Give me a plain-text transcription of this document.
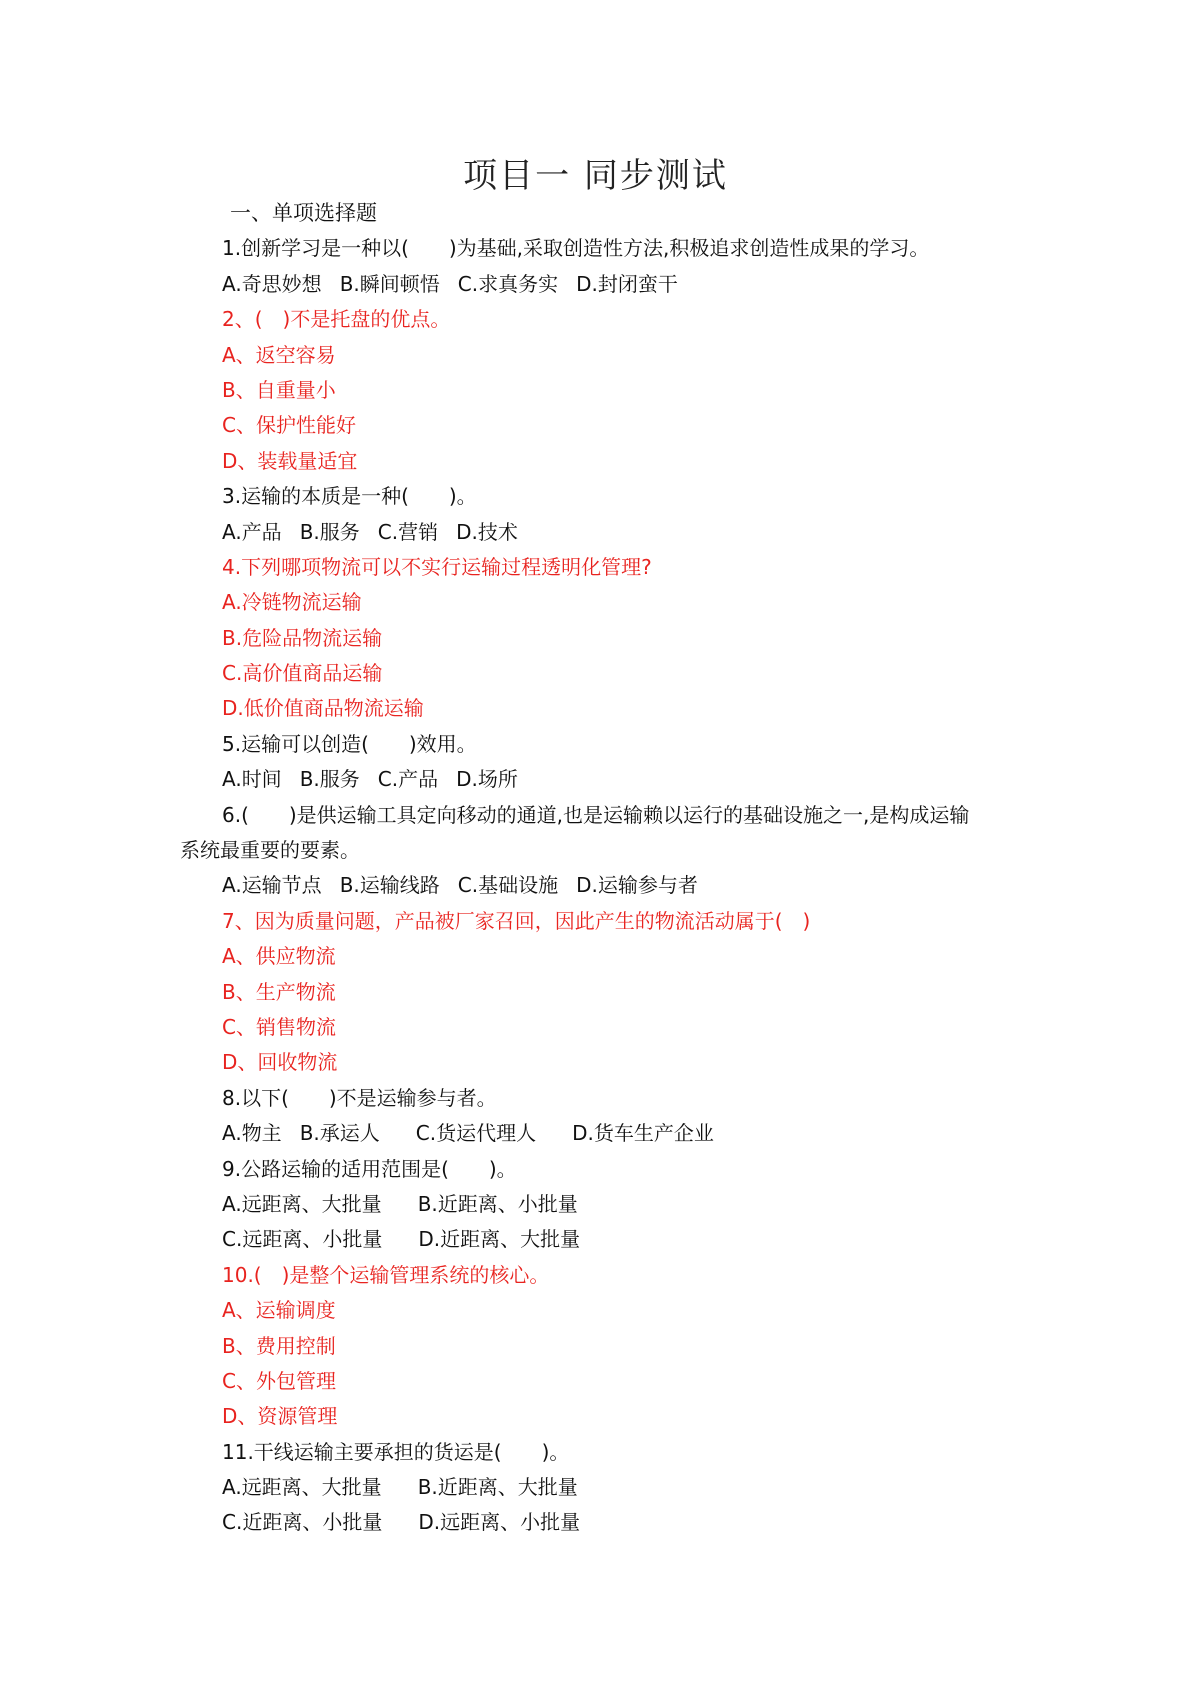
项目一 同步测试
一、单项选择题
1.创新学习是一种以(　　)为基础,采取创造性方法,积极追求创造性成果的学习。
A.奇思妙想 B.瞬间顿悟 C.求真务实 D.封闭蛮干
2、(　)不是托盘的优点。
A、返空容易
B、自重量小
C、保护性能好
D、装载量适宜
3.运输的本质是一种(　　)。
A.产品 B.服务 C.营销 D.技术
4.下列哪项物流可以不实行运输过程透明化管理?
A.冷链物流运输
B.危险品物流运输
C.高价值商品运输
D.低价值商品物流运输
5.运输可以创造(　　)效用。
A.时间 B.服务 C.产品 D.场所
6.(　　)是供运输工具定向移动的通道,也是运输赖以运行的基础设施之一,是构成运输
系统最重要的要素。
A.运输节点 B.运输线路 C.基础设施 D.运输参与者
7、因为质量问题，产品被厂家召回，因此产生的物流活动属于(　)
A、供应物流
B、生产物流
C、销售物流
D、回收物流
8.以下(　　)不是运输参与者。
A.物主 B.承运人 C.货运代理人 D.货车生产企业
9.公路运输的适用范围是(　　)。
A.远距离、大批量 B.近距离、小批量
C.远距离、小批量 D.近距离、大批量
10.(　)是整个运输管理系统的核心。
A、运输调度
B、费用控制
C、外包管理
D、资源管理
11.干线运输主要承担的货运是(　　)。
A.远距离、大批量 B.近距离、大批量
C.近距离、小批量 D.远距离、小批量
